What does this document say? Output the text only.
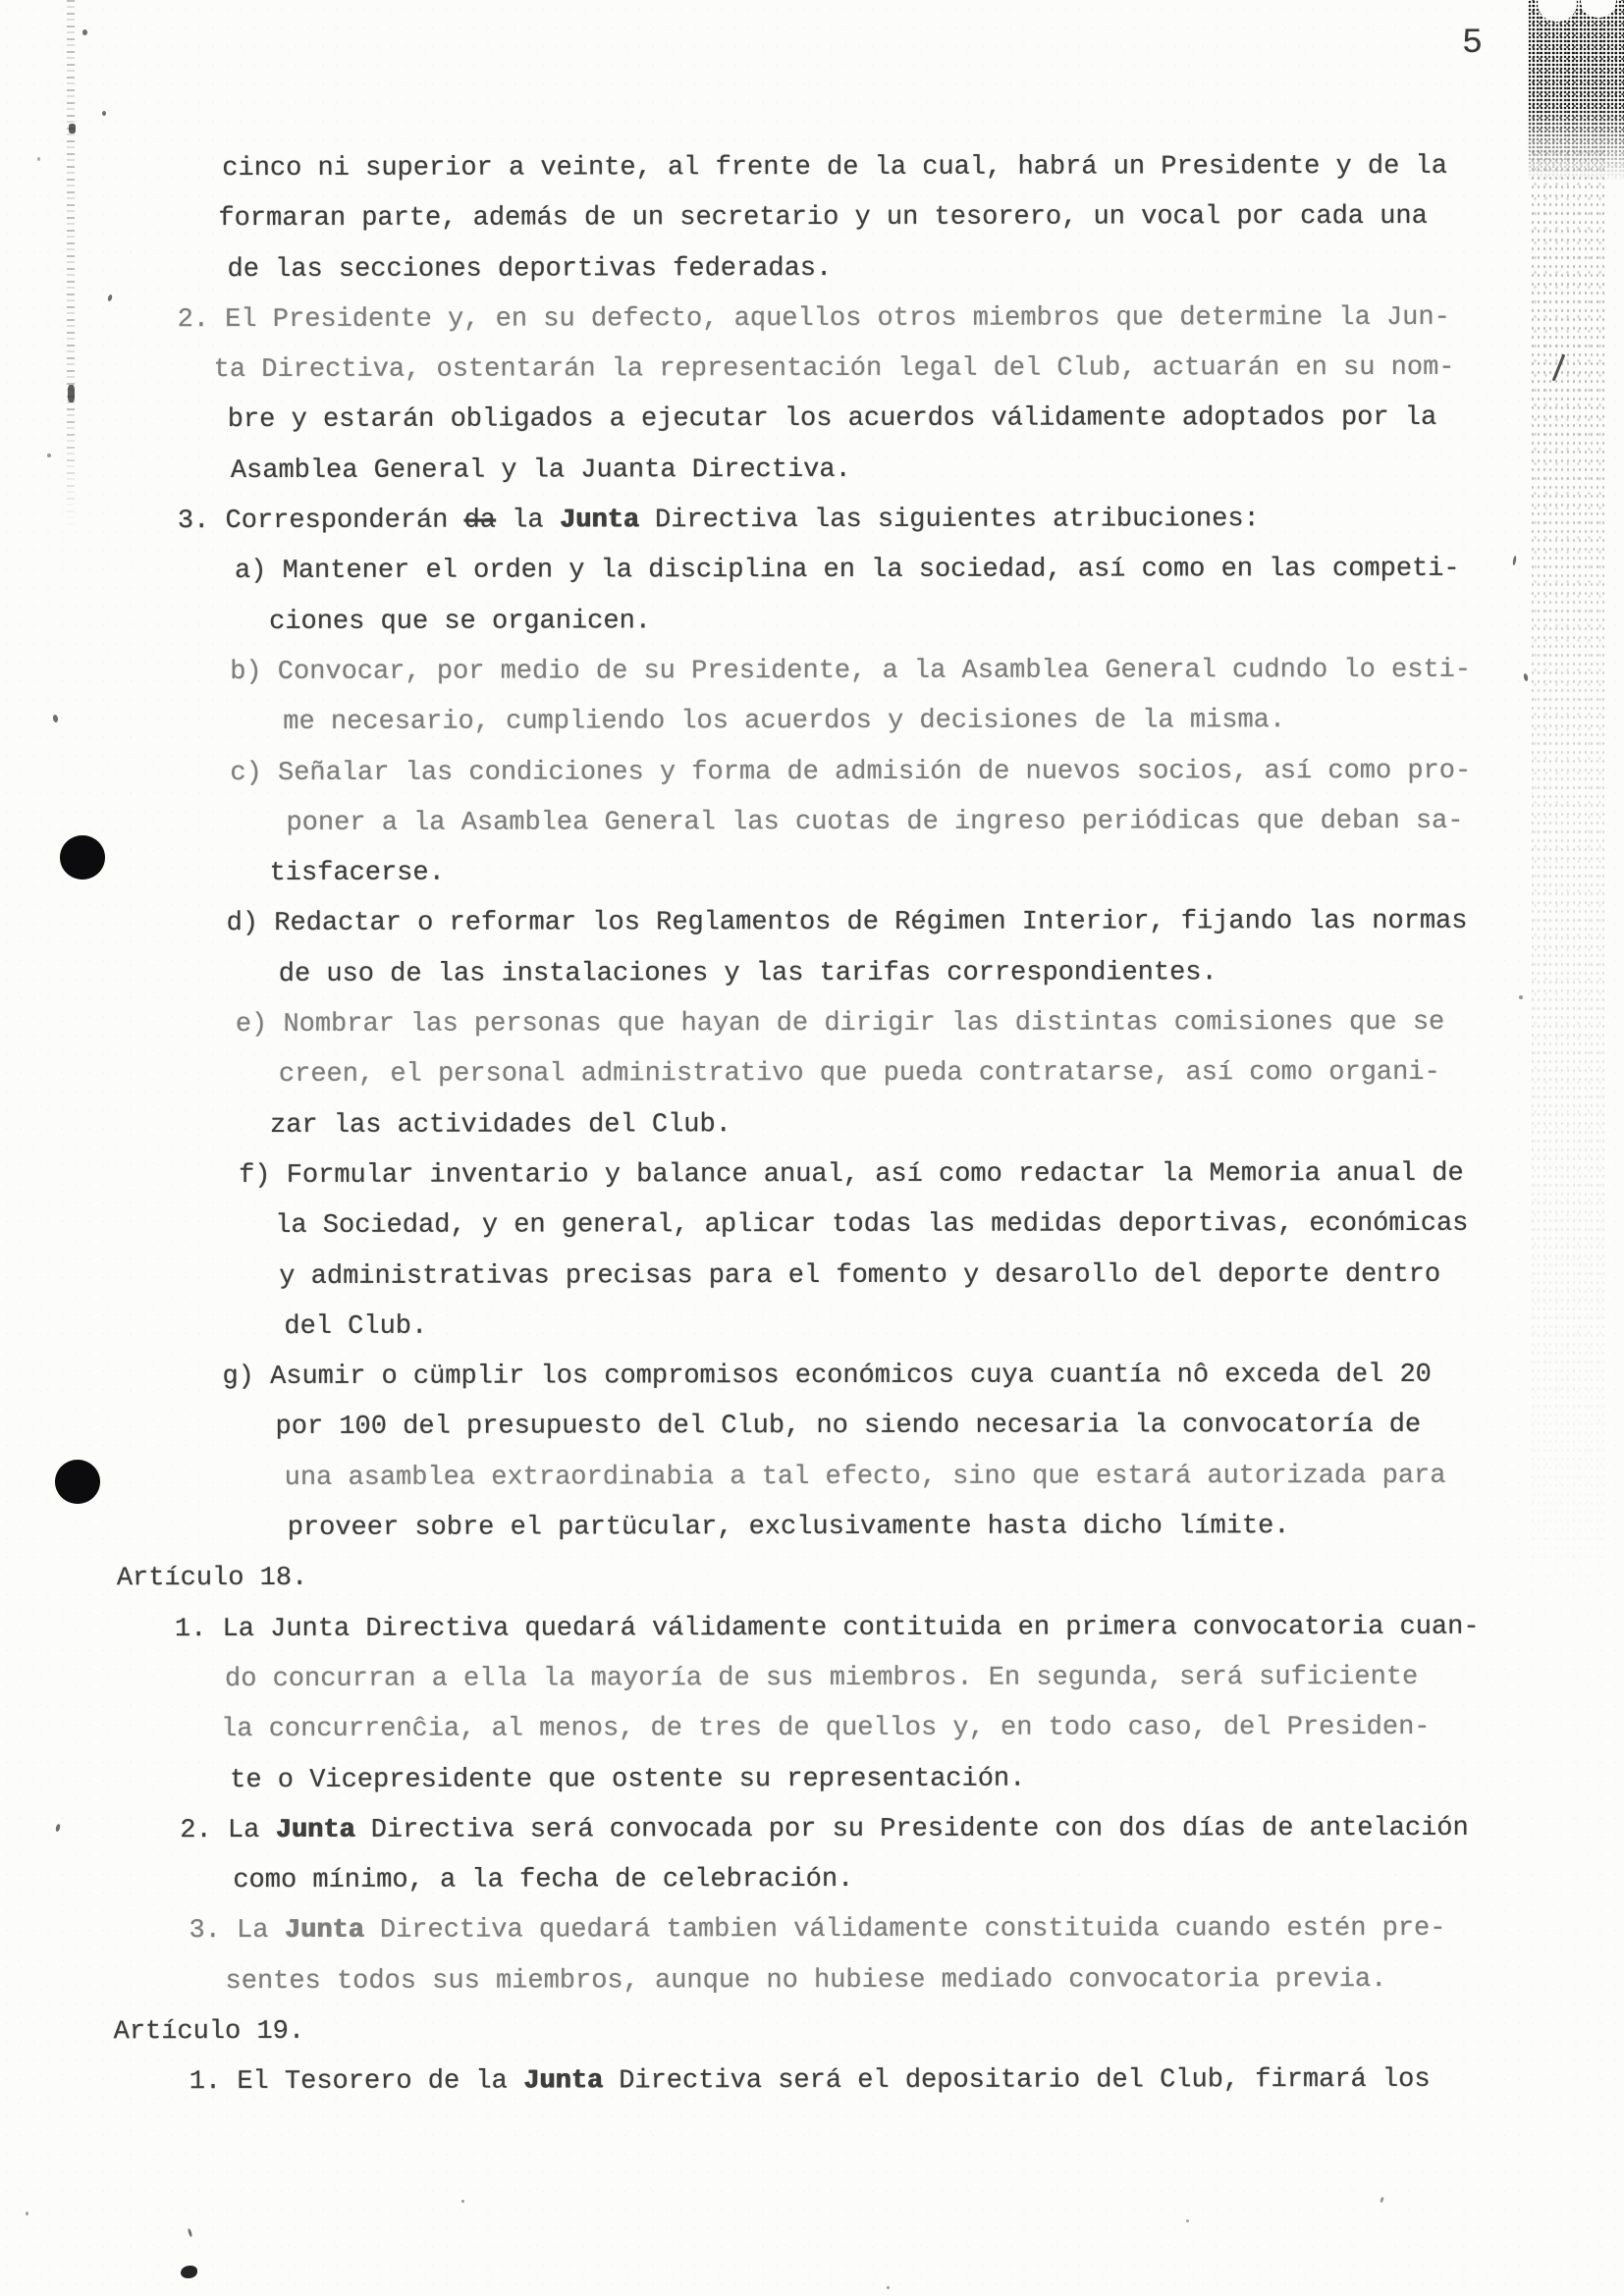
5
cinco ni superior a veinte, al frente de la cual, habrá un Presidente y de la
formaran parte, además de un secretario y un tesorero, un vocal por cada una
de las secciones deportivas federadas.
2. El Presidente y, en su defecto, aquellos otros miembros que determine la Jun-
ta Directiva, ostentarán la representación legal del Club, actuarán en su nom-
bre y estarán obligados a ejecutar los acuerdos válidamente adoptados por la
Asamblea General y la Juanta Directiva.
3. Corresponderán da la Junta Directiva las siguientes atribuciones:
a) Mantener el orden y la disciplina en la sociedad, así como en las competi-
ciones que se organicen.
b) Convocar, por medio de su Presidente, a la Asamblea General cudndo lo esti-
me necesario, cumpliendo los acuerdos y decisiones de la misma.
c) Señalar las condiciones y forma de admisión de nuevos socios, así como pro-
poner a la Asamblea General las cuotas de ingreso periódicas que deban sa-
tisfacerse.
d) Redactar o reformar los Reglamentos de Régimen Interior, fijando las normas
de uso de las instalaciones y las tarifas correspondientes.
e) Nombrar las personas que hayan de dirigir las distintas comisiones que se
creen, el personal administrativo que pueda contratarse, así como organi-
zar las actividades del Club.
f) Formular inventario y balance anual, así como redactar la Memoria anual de
la Sociedad, y en general, aplicar todas las medidas deportivas, económicas
y administrativas precisas para el fomento y desarollo del deporte dentro
del Club.
g) Asumir o cümplir los compromisos económicos cuya cuantía nô exceda del 20
por 100 del presupuesto del Club, no siendo necesaria la convocatoría de
una asamblea extraordinabia a tal efecto, sino que estará autorizada para
proveer sobre el partücular, exclusivamente hasta dicho límite.
Artículo 18.
1. La Junta Directiva quedará válidamente contituida en primera convocatoria cuan-
do concurran a ella la mayoría de sus miembros. En segunda, será suficiente
la concurrenĉia, al menos, de tres de quellos y, en todo caso, del Presiden-
te o Vicepresidente que ostente su representación.
2. La Junta Directiva será convocada por su Presidente con dos días de antelación
como mínimo, a la fecha de celebración.
3. La Junta Directiva quedará tambien válidamente constituida cuando estén pre-
sentes todos sus miembros, aunque no hubiese mediado convocatoria previa.
Artículo 19.
1. El Tesorero de la Junta Directiva será el depositario del Club, firmará los
